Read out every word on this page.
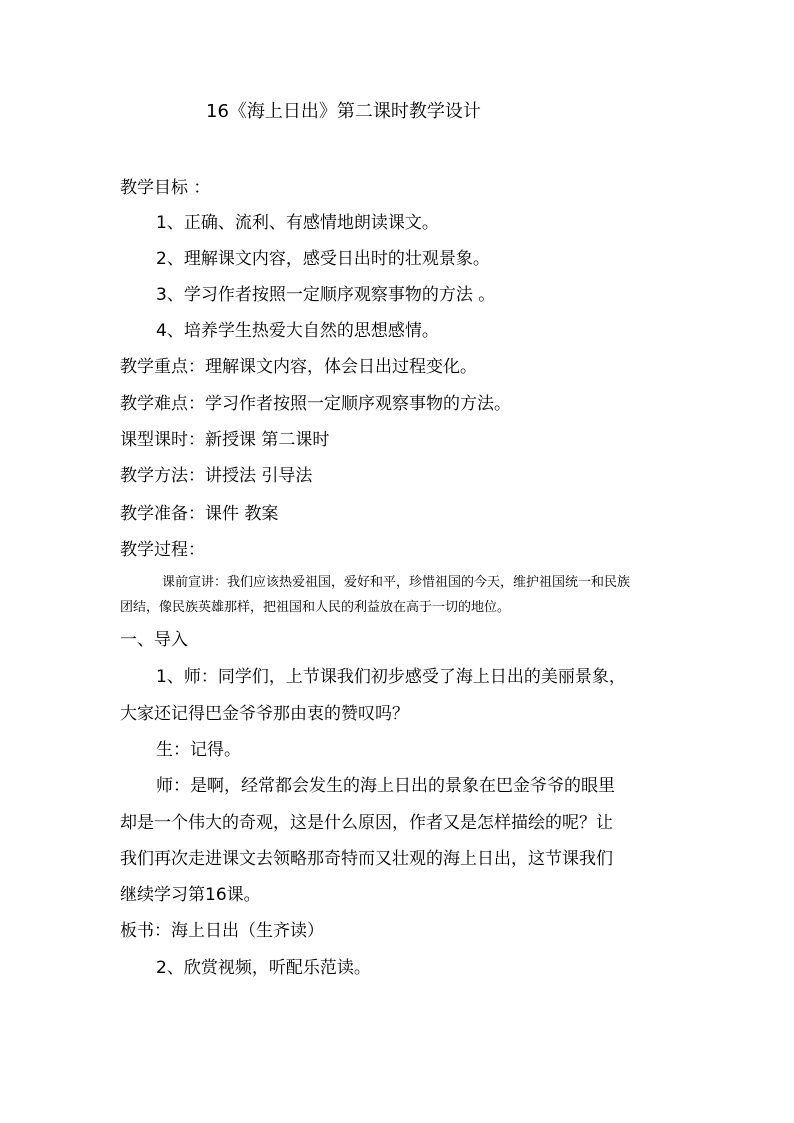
16《海上日出》第二课时教学设计
教学目标 ：
1、正确、流利、有感情地朗读课文。
2、理解课文内容，感受日出时的壮观景象。
3、学习作者按照一定顺序观察事物的方法 。
4、培养学生热爱大自然的思想感情。
教学重点：理解课文内容，体会日出过程变化。
教学难点：学习作者按照一定顺序观察事物的方法。
课型课时：新授课 第二课时
教学方法：讲授法 引导法
教学准备：课件 教案
教学过程：
课前宣讲：我们应该热爱祖国，爱好和平，珍惜祖国的今天，维护祖国统一和民族
团结，像民族英雄那样，把祖国和人民的利益放在高于一切的地位。
一、导入
1、师：同学们，上节课我们初步感受了海上日出的美丽景象，
大家还记得巴金爷爷那由衷的赞叹吗？
生：记得。
师：是啊，经常都会发生的海上日出的景象在巴金爷爷的眼里
却是一个伟大的奇观，这是什么原因，作者又是怎样描绘的呢？让
我们再次走进课文去领略那奇特而又壮观的海上日出，这节课我们
继续学习第16课。
板书：海上日出（生齐读）
2、欣赏视频，听配乐范读。
